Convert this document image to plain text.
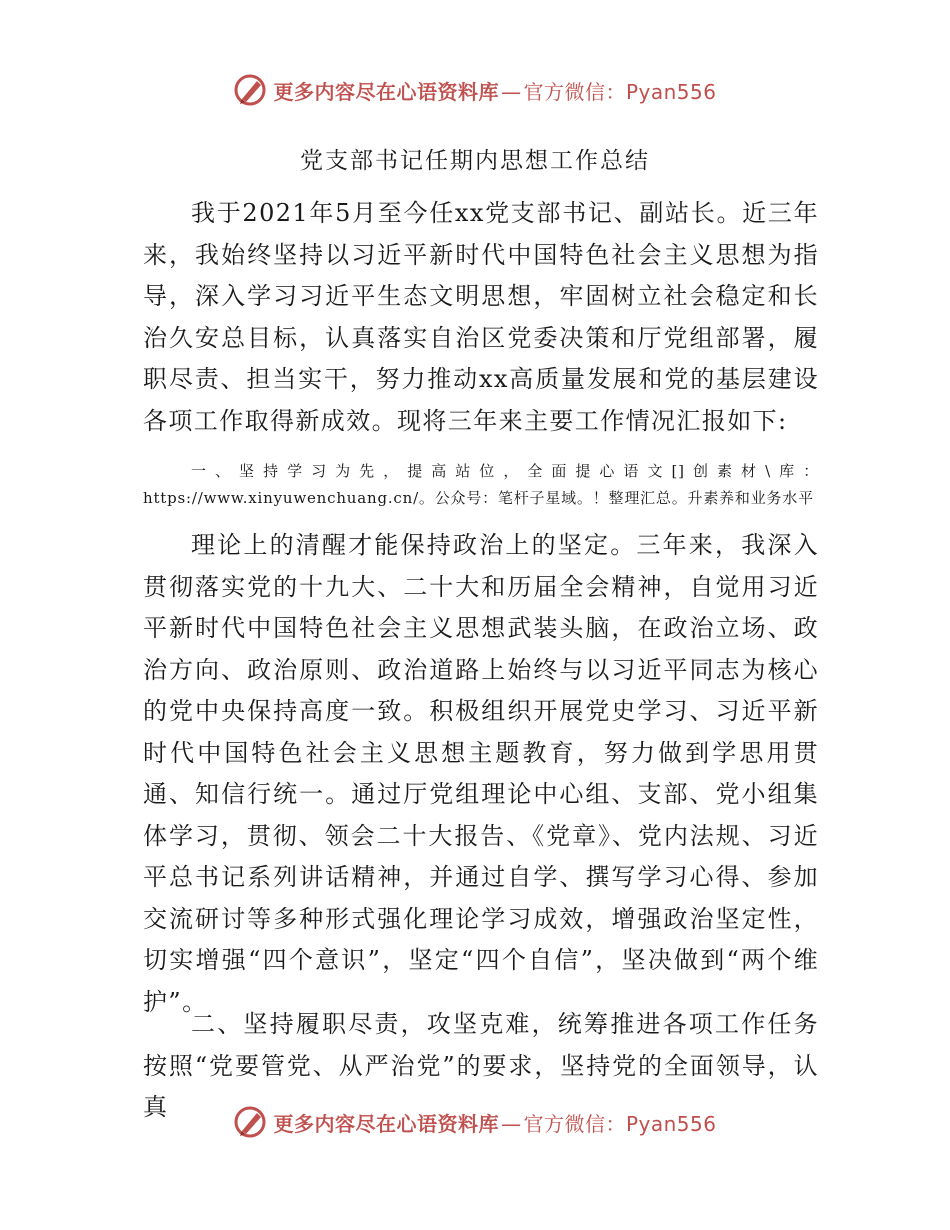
更多内容尽在心语资料库 — 官方微信：Pyan556
党支部书记任期内思想工作总结

我于2021年5月至今任xx党支部书记、副站长。近三年来，我始终坚持以习近平新时代中国特色社会主义思想为指导，深入学习习近平生态文明思想，牢固树立社会稳定和长治久安总目标，认真落实自治区党委决策和厅党组部署，履职尽责、担当实干，努力推动xx高质量发展和党的基层建设各项工作取得新成效。现将三年来主要工作情况汇报如下:

一、坚持学习为先，提高站位，全面提心语文[]创素材\库：https://www.xinyuwenchuang.cn/。公众号：笔杆子星域。！整理汇总。升素养和业务水平

理论上的清醒才能保持政治上的坚定。三年来，我深入贯彻落实党的十九大、二十大和历届全会精神，自觉用习近平新时代中国特色社会主义思想武装头脑，在政治立场、政治方向、政治原则、政治道路上始终与以习近平同志为核心的党中央保持高度一致。积极组织开展党史学习、习近平新时代中国特色社会主义思想主题教育，努力做到学思用贯通、知信行统一。通过厅党组理论中心组、支部、党小组集体学习，贯彻、领会二十大报告、《党章》、党内法规、习近平总书记系列讲话精神，并通过自学、撰写学习心得、参加交流研讨等多种形式强化理论学习成效，增强政治坚定性，切实增强“四个意识”，坚定“四个自信”，坚决做到“两个维护”。

二、坚持履职尽责，攻坚克难，统筹推进各项工作任务按照“党要管党、从严治党”的要求，坚持党的全面领导，认真

更多内容尽在心语资料库 — 官方微信：Pyan556
